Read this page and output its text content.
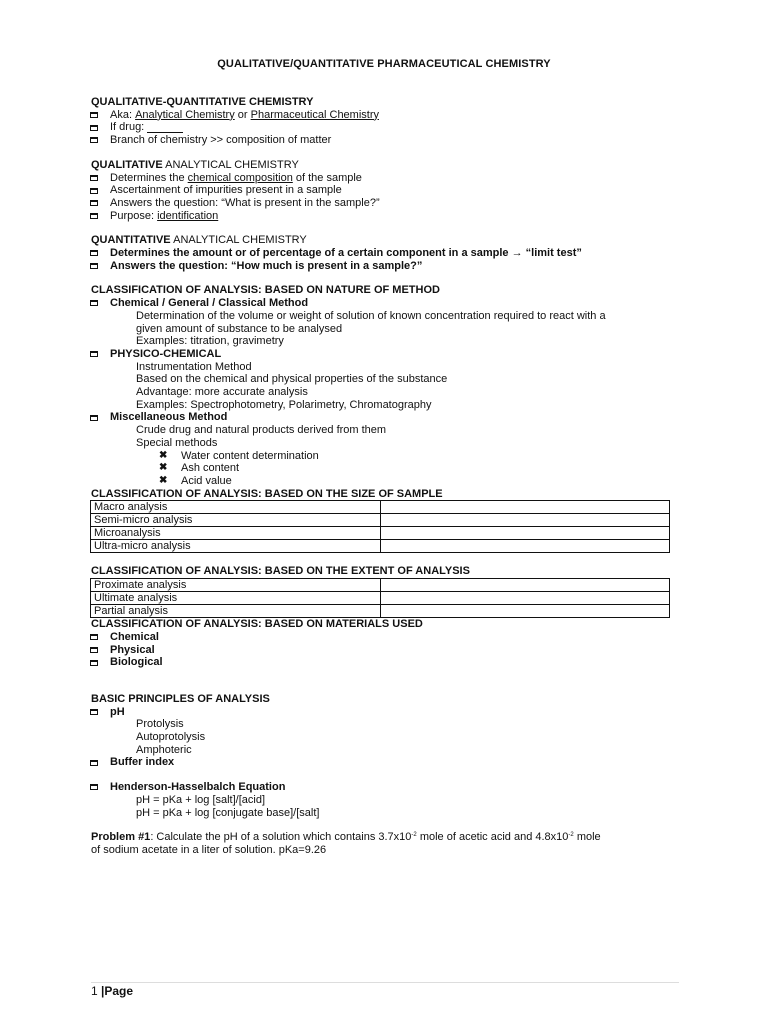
QUALITATIVE/QUANTITATIVE PHARMACEUTICAL CHEMISTRY
QUALITATIVE-QUANTITATIVE CHEMISTRY
Aka:
Analytical Chemistry
or
Pharmaceutical Chemistry
If drug:

Branch of chemistry >> composition of matter
QUALITATIVE ANALYTICAL CHEMISTRY
Determines the
chemical composition
of the sample
Ascertainment of impurities present in a sample
Answers the question: “What is present in the sample?”
Purpose:
identification
QUANTITATIVE ANALYTICAL CHEMISTRY
Determines the amount or of percentage of a certain component in a sample → “limit test”
Answers the question: “How much is present in a sample?”
CLASSIFICATION OF ANALYSIS: BASED ON NATURE OF METHOD
Chemical / General / Classical Method
Determination of the volume or weight of solution of known concentration required to react with a
given amount of substance to be analysed
Examples: titration, gravimetry
PHYSICO-CHEMICAL
Instrumentation Method
Based on the chemical and physical properties of the substance
Advantage: more accurate analysis
Examples: Spectrophotometry, Polarimetry, Chromatography
Miscellaneous Method
Crude drug and natural products derived from them
Special methods
✖	Water content determination
✖	Ash content
✖	Acid value
CLASSIFICATION OF ANALYSIS: BASED ON THE SIZE OF SAMPLE
Macro analysis	
Semi-micro analysis	
Microanalysis	
Ultra-micro analysis	
CLASSIFICATION OF ANALYSIS: BASED ON THE EXTENT OF ANALYSIS
Proximate analysis	
Ultimate analysis	
Partial analysis	
CLASSIFICATION OF ANALYSIS: BASED ON MATERIALS USED
Chemical
Physical
Biological
BASIC PRINCIPLES OF ANALYSIS
pH
Protolysis
Autoprotolysis
Amphoteric
Buffer index
Henderson-Hasselbalch Equation
pH = pKa + log [salt]/[acid]
pH = pKa + log [conjugate base]/[salt]
Problem #1: Calculate the pH of a solution which contains $3.7x10^{-2}$ mole of acetic acid and $4.8x10^{-2}$ mole
of sodium acetate in a liter of solution. pKa=9.26
1 |Page
